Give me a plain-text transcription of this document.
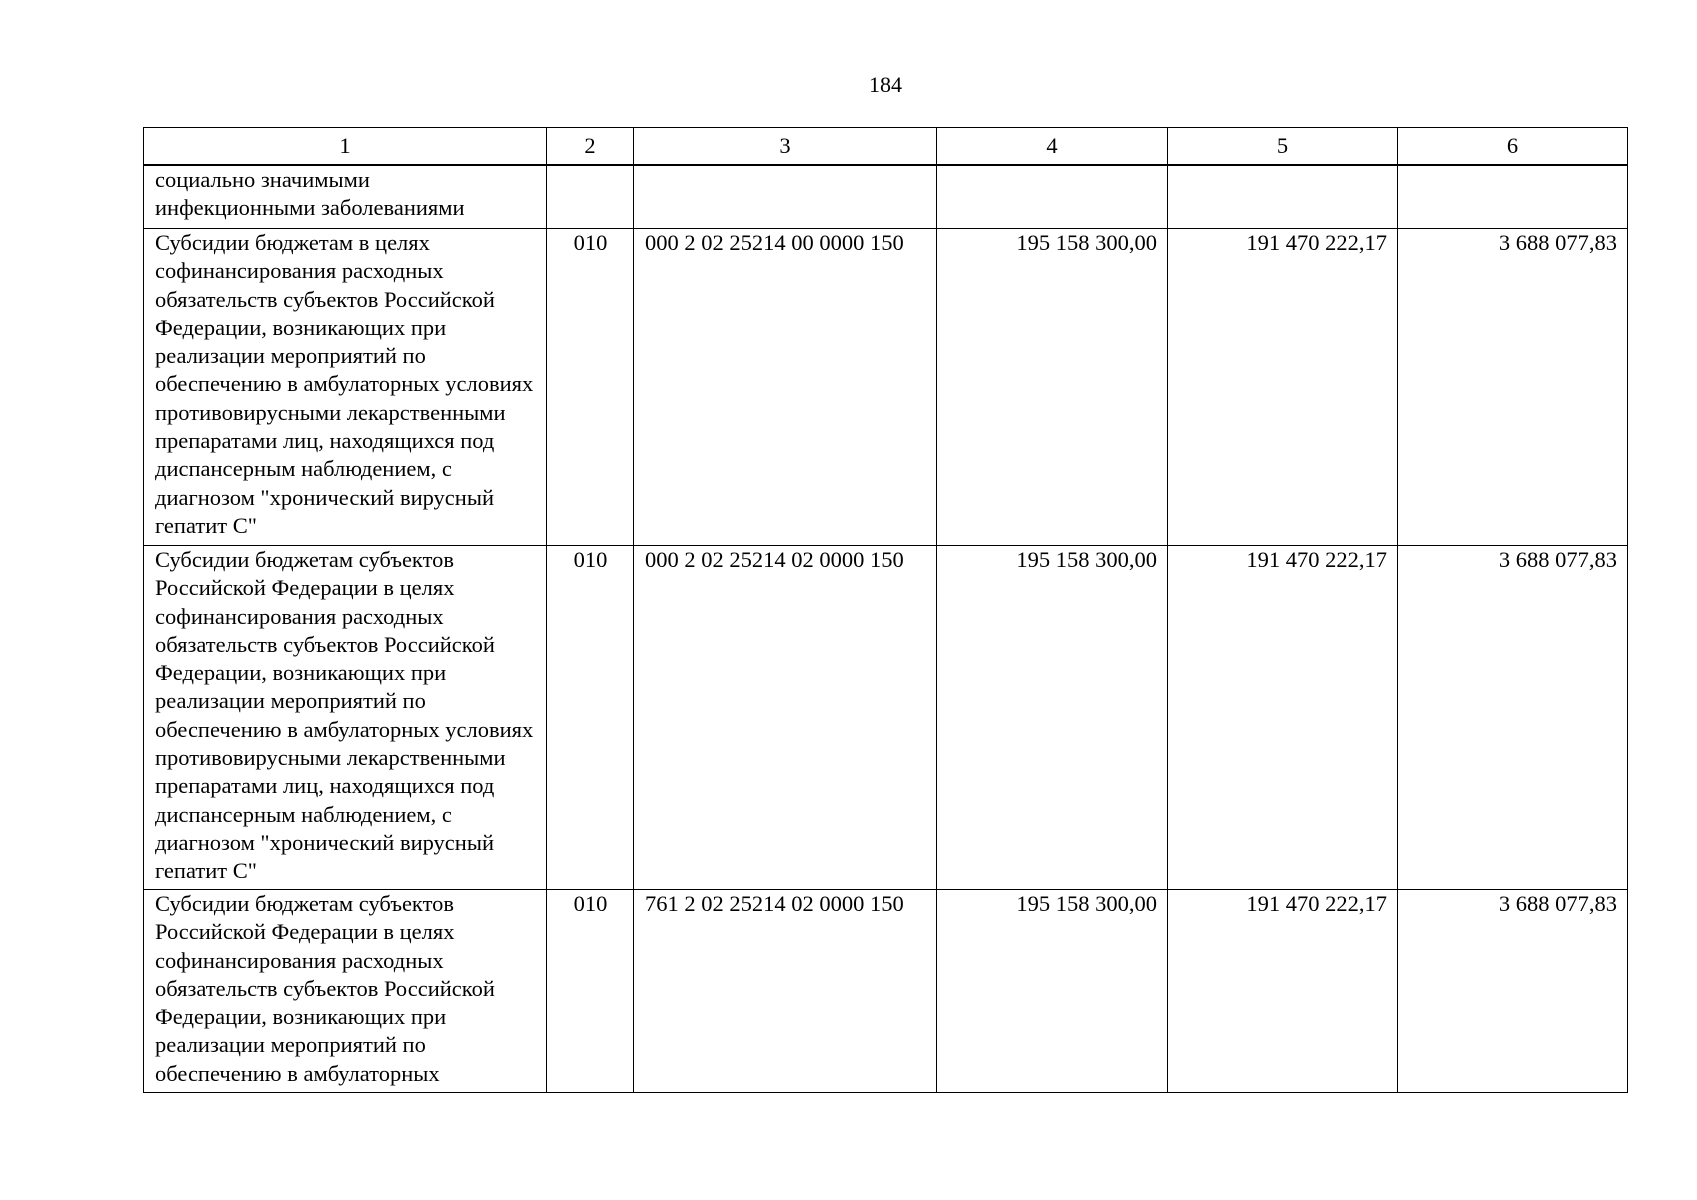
184
1	2	3	4	5	6

социально значимыми
инфекционными заболеваниями					

Субсидии бюджетам в целях софинансирования расходных обязательств субъектов Российской Федерации, возникающих при реализации мероприятий по обеспечению в амбулаторных условиях противовирусными лекарственными препаратами лиц, находящихся под диспансерным наблюдением, с диагнозом "хронический вирусный гепатит С"	010	000 2 02 25214 00 0000 150	195 158 300,00	191 470 222,17	3 688 077,83
Субсидии бюджетам субъектов Российской Федерации в целях софинансирования расходных обязательств субъектов Российской Федерации, возникающих при реализации мероприятий по обеспечению в амбулаторных условиях противовирусными лекарственными препаратами лиц, находящихся под диспансерным наблюдением, с диагнозом "хронический вирусный гепатит С"	010	000 2 02 25214 02 0000 150	195 158 300,00	191 470 222,17	3 688 077,83
Субсидии бюджетам субъектов Российской Федерации в целях софинансирования расходных обязательств субъектов Российской Федерации, возникающих при реализации мероприятий по обеспечению в амбулаторных	010	761 2 02 25214 02 0000 150	195 158 300,00	191 470 222,17	3 688 077,83
